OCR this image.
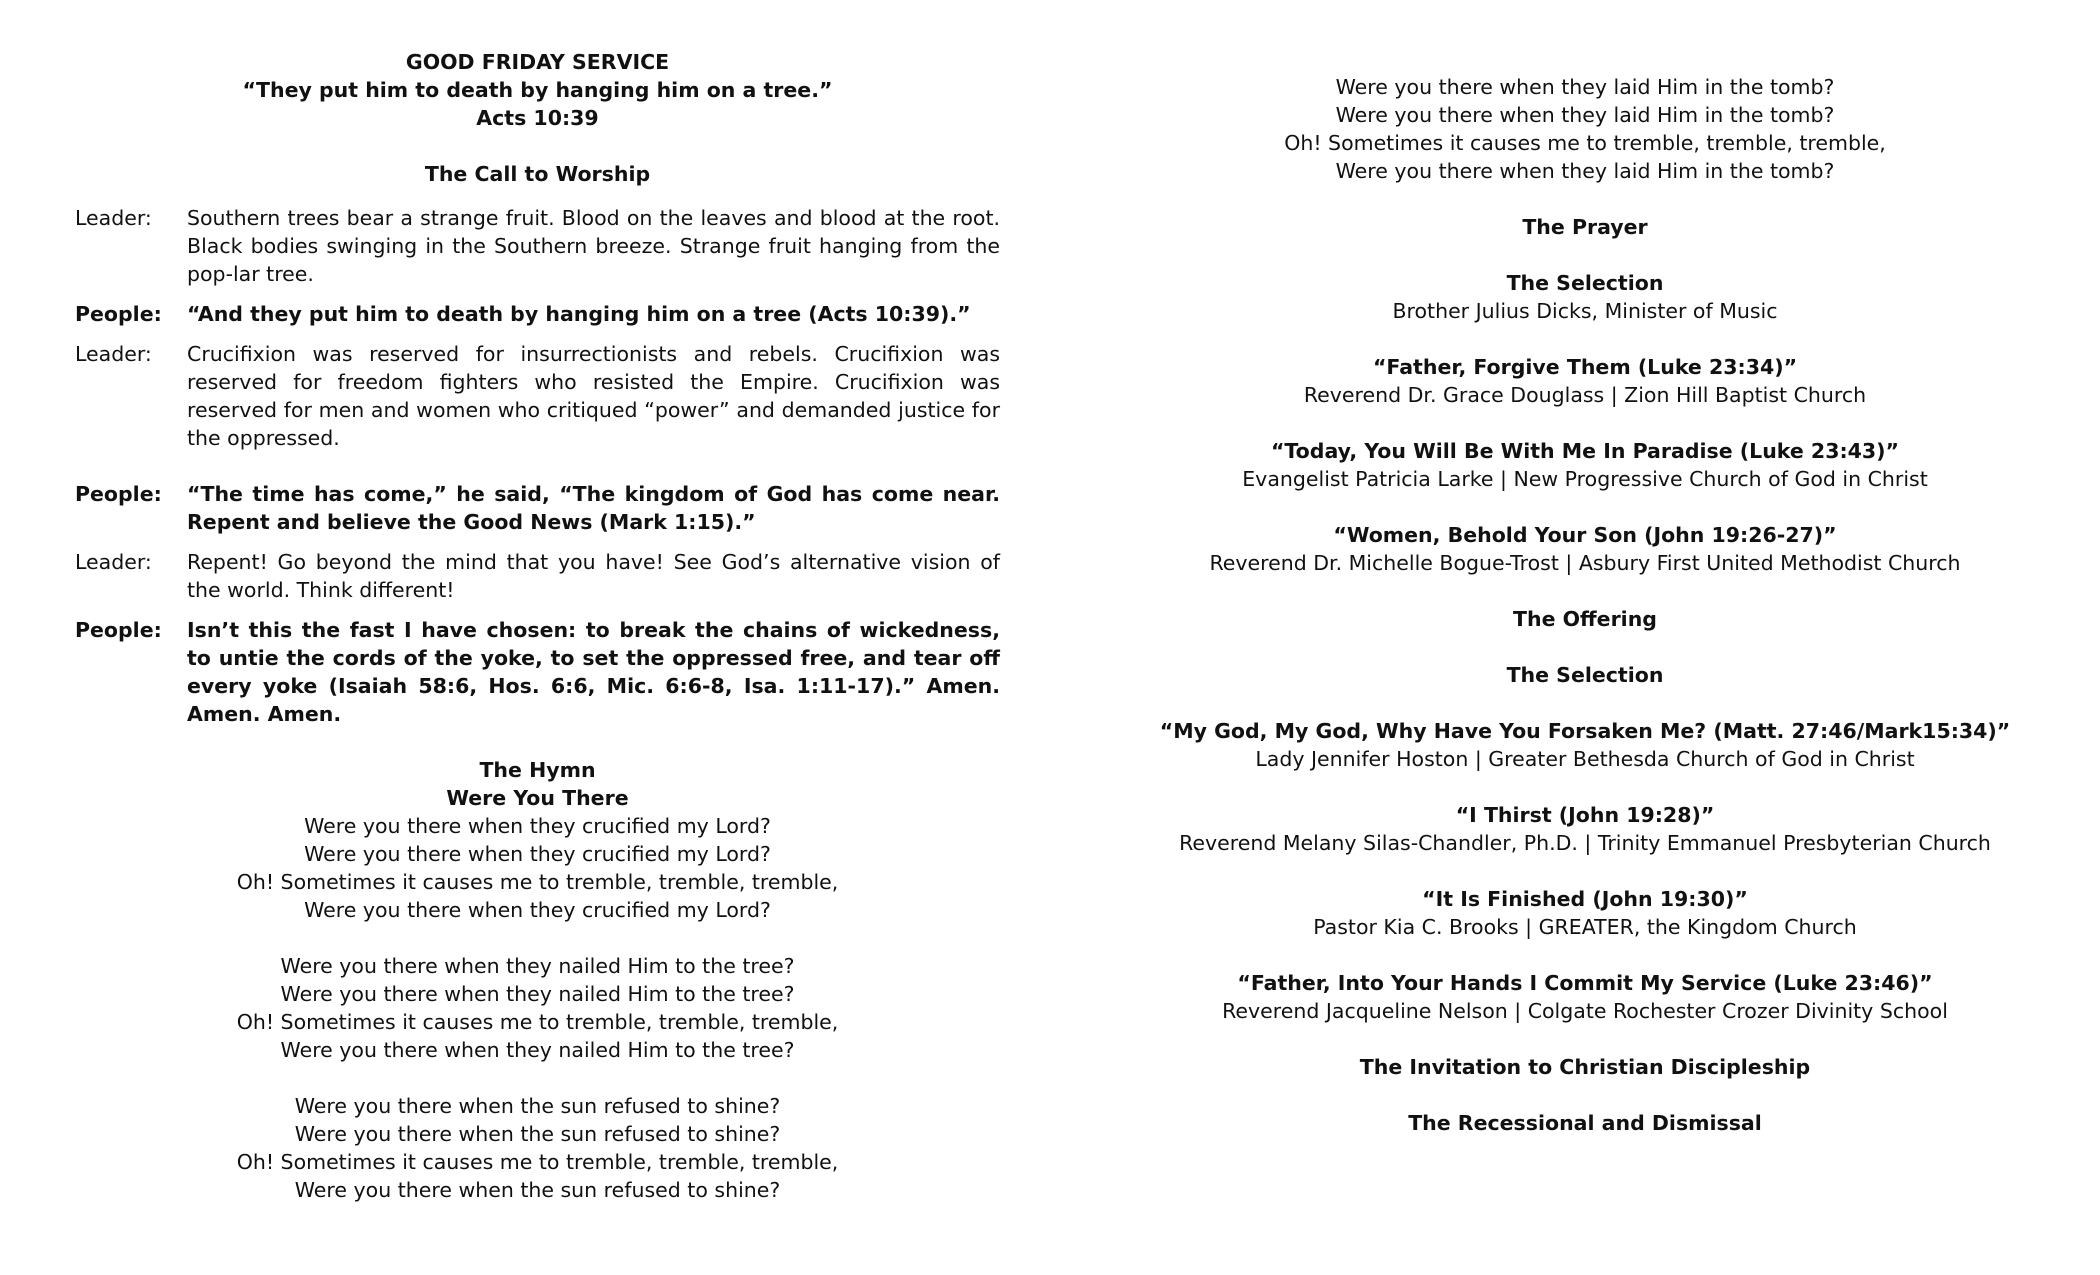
GOOD FRIDAY SERVICE
“They put him to death by hanging him on a tree.”
Acts 10:39
The Call to Worship
Leader:	Southern trees bear a strange fruit. Blood on the leaves and blood at the root. Black bodies swinging in the Southern breeze. Strange fruit hanging from the pop-lar tree.
People:	“And they put him to death by hanging him on a tree (Acts 10:39).”
Leader:	Crucifixion was reserved for insurrectionists and rebels. Crucifixion was reserved for freedom fighters who resisted the Empire. Crucifixion was reserved for men and women who critiqued “power” and demanded justice for the oppressed.
People:	“The time has come,” he said, “The kingdom of God has come near. Repent and believe the Good News (Mark 1:15).”
Leader:	Repent! Go beyond the mind that you have! See God’s alternative vision of the world. Think different!
People:	Isn’t this the fast I have chosen: to break the chains of wickedness, to untie the cords of the yoke, to set the oppressed free, and tear off every yoke (Isaiah 58:6, Hos. 6:6, Mic. 6:6-8, Isa. 1:11-17).” Amen. Amen. Amen.
The Hymn
Were You There
Were you there when they crucified my Lord?
Were you there when they crucified my Lord?
Oh! Sometimes it causes me to tremble, tremble, tremble,
Were you there when they crucified my Lord?
Were you there when they nailed Him to the tree?
Were you there when they nailed Him to the tree?
Oh! Sometimes it causes me to tremble, tremble, tremble,
Were you there when they nailed Him to the tree?
Were you there when the sun refused to shine?
Were you there when the sun refused to shine?
Oh! Sometimes it causes me to tremble, tremble, tremble,
Were you there when the sun refused to shine?
Were you there when they laid Him in the tomb?
Were you there when they laid Him in the tomb?
Oh! Sometimes it causes me to tremble, tremble, tremble,
Were you there when they laid Him in the tomb?
The Prayer
The Selection
Brother Julius Dicks, Minister of Music
“Father, Forgive Them (Luke 23:34)”
Reverend Dr. Grace Douglass | Zion Hill Baptist Church
“Today, You Will Be With Me In Paradise (Luke 23:43)”
Evangelist Patricia Larke | New Progressive Church of God in Christ
“Women, Behold Your Son (John 19:26-27)”
Reverend Dr. Michelle Bogue-Trost | Asbury First United Methodist Church
The Offering
The Selection
“My God, My God, Why Have You Forsaken Me? (Matt. 27:46/Mark15:34)”
Lady Jennifer Hoston | Greater Bethesda Church of God in Christ
“I Thirst (John 19:28)”
Reverend Melany Silas-Chandler, Ph.D. | Trinity Emmanuel Presbyterian Church
“It Is Finished (John 19:30)”
Pastor Kia C. Brooks | GREATER, the Kingdom Church
“Father, Into Your Hands I Commit My Service (Luke 23:46)”
Reverend Jacqueline Nelson | Colgate Rochester Crozer Divinity School
The Invitation to Christian Discipleship
The Recessional and Dismissal
